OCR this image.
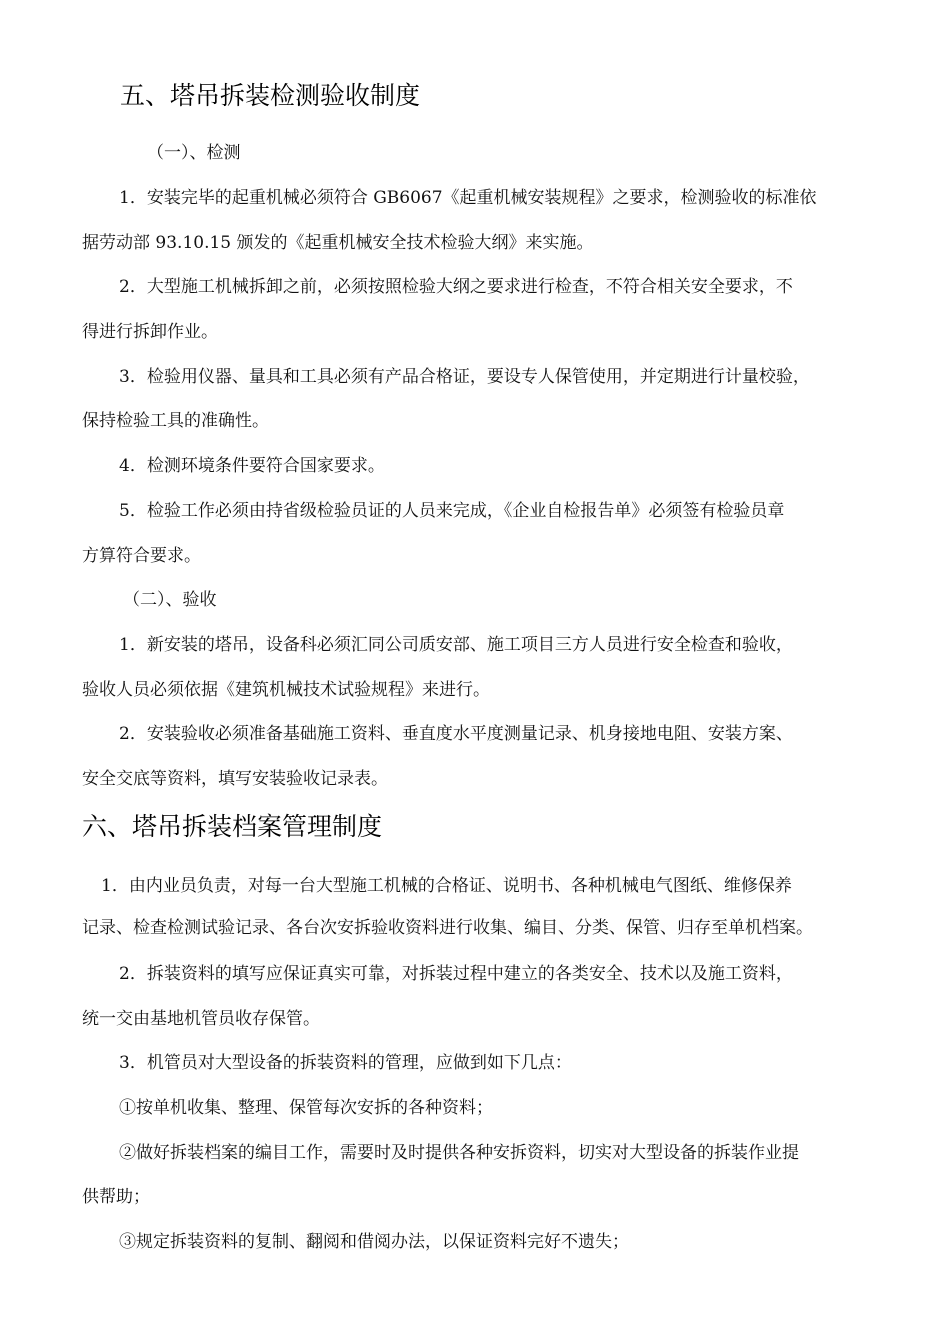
五、塔吊拆装检测验收制度

（一）、检测

1．安装完毕的起重机械必须符合 GB6067《起重机械安装规程》之要求，检测验收的标准依

据劳动部 93.10.15 颁发的《起重机械安全技术检验大纲》来实施。

2．大型施工机械拆卸之前，必须按照检验大纲之要求进行检查，不符合相关安全要求，不

得进行拆卸作业。

3．检验用仪器、量具和工具必须有产品合格证，要设专人保管使用，并定期进行计量校验，

保持检验工具的准确性。

4．检测环境条件要符合国家要求。

5．检验工作必须由持省级检验员证的人员来完成，《企业自检报告单》必须签有检验员章

方算符合要求。

（二）、验收

1．新安装的塔吊，设备科必须汇同公司质安部、施工项目三方人员进行安全检查和验收，

验收人员必须依据《建筑机械技术试验规程》来进行。

2．安装验收必须准备基础施工资料、垂直度水平度测量记录、机身接地电阻、安装方案、

安全交底等资料，填写安装验收记录表。

六、塔吊拆装档案管理制度

1．由内业员负责，对每一台大型施工机械的合格证、说明书、各种机械电气图纸、维修保养

记录、检查检测试验记录、各台次安拆验收资料进行收集、编目、分类、保管、归存至单机档案。

2．拆装资料的填写应保证真实可靠，对拆装过程中建立的各类安全、技术以及施工资料，

统一交由基地机管员收存保管。

3．机管员对大型设备的拆装资料的管理，应做到如下几点：

①按单机收集、整理、保管每次安拆的各种资料；

②做好拆装档案的编目工作，需要时及时提供各种安拆资料，切实对大型设备的拆装作业提

供帮助；

③规定拆装资料的复制、翻阅和借阅办法，以保证资料完好不遗失；
